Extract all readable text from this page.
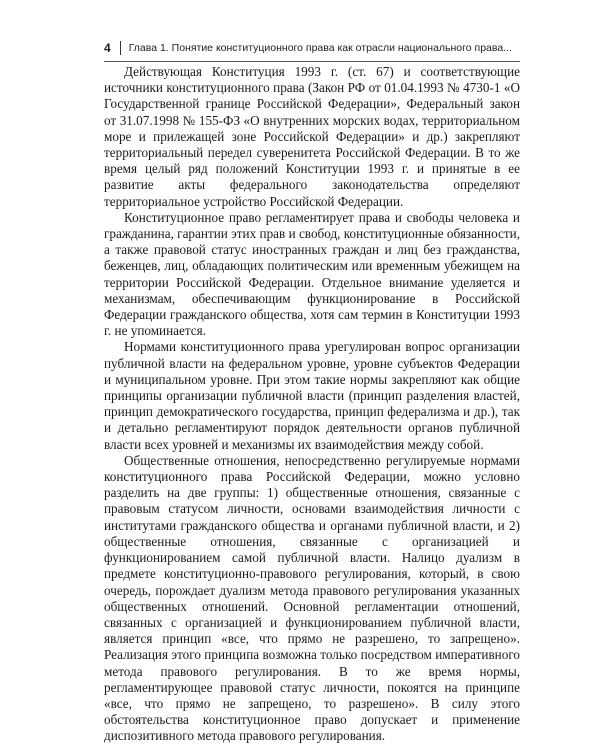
4 Глава 1. Понятие конституционного права как отрасли национального права...

Действующая Конституция 1993 г. (ст. 67) и соответствующие источники конституционного права (Закон РФ от 01.04.1993 № 4730-1 «О Государственной границе Российской Федерации», Федеральный закон от 31.07.1998 № 155-ФЗ «О внутренних морских водах, территориальном море и прилежащей зоне Российской Федерации» и др.) закрепляют территориальный передел суверенитета Российской Федерации. В то же время целый ряд положений Конституции 1993 г. и принятые в ее развитие акты федерального законодательства определяют территориальное устройство Российской Федерации.

Конституционное право регламентирует права и свободы человека и гражданина, гарантии этих прав и свобод, конституционные обязанности, а также правовой статус иностранных граждан и лиц без гражданства, беженцев, лиц, обладающих политическим или временным убежищем на территории Российской Федерации. Отдельное внимание уделяется и механизмам, обеспечивающим функционирование в Российской Федерации гражданского общества, хотя сам термин в Конституции 1993 г. не упоминается.

Нормами конституционного права урегулирован вопрос организации публичной власти на федеральном уровне, уровне субъектов Федерации и муниципальном уровне. При этом такие нормы закрепляют как общие принципы организации публичной власти (принцип разделения властей, принцип демократического государства, принцип федерализма и др.), так и детально регламентируют порядок деятельности органов публичной власти всех уровней и механизмы их взаимодействия между собой.

Общественные отношения, непосредственно регулируемые нормами конституционного права Российской Федерации, можно условно разделить на две группы: 1) общественные отношения, связанные с правовым статусом личности, основами взаимодействия личности с институтами гражданского общества и органами публичной власти, и 2) общественные отношения, связанные с организацией и функционированием самой публичной власти. Налицо дуализм в предмете конституционно-правового регулирования, который, в свою очередь, порождает дуализм метода правового регулирования указанных общественных отношений. Основной регламентации отношений, связанных с организацией и функционированием публичной власти, является принцип «все, что прямо не разрешено, то запрещено». Реализация этого принципа возможна только посредством императивного метода правового регулирования. В то же время нормы, регламентирующее правовой статус личности, покоятся на принципе «все, что прямо не запрещено, то разрешено». В силу этого обстоятельства конституционное право допускает и применение диспозитивного метода правового регулирования.
